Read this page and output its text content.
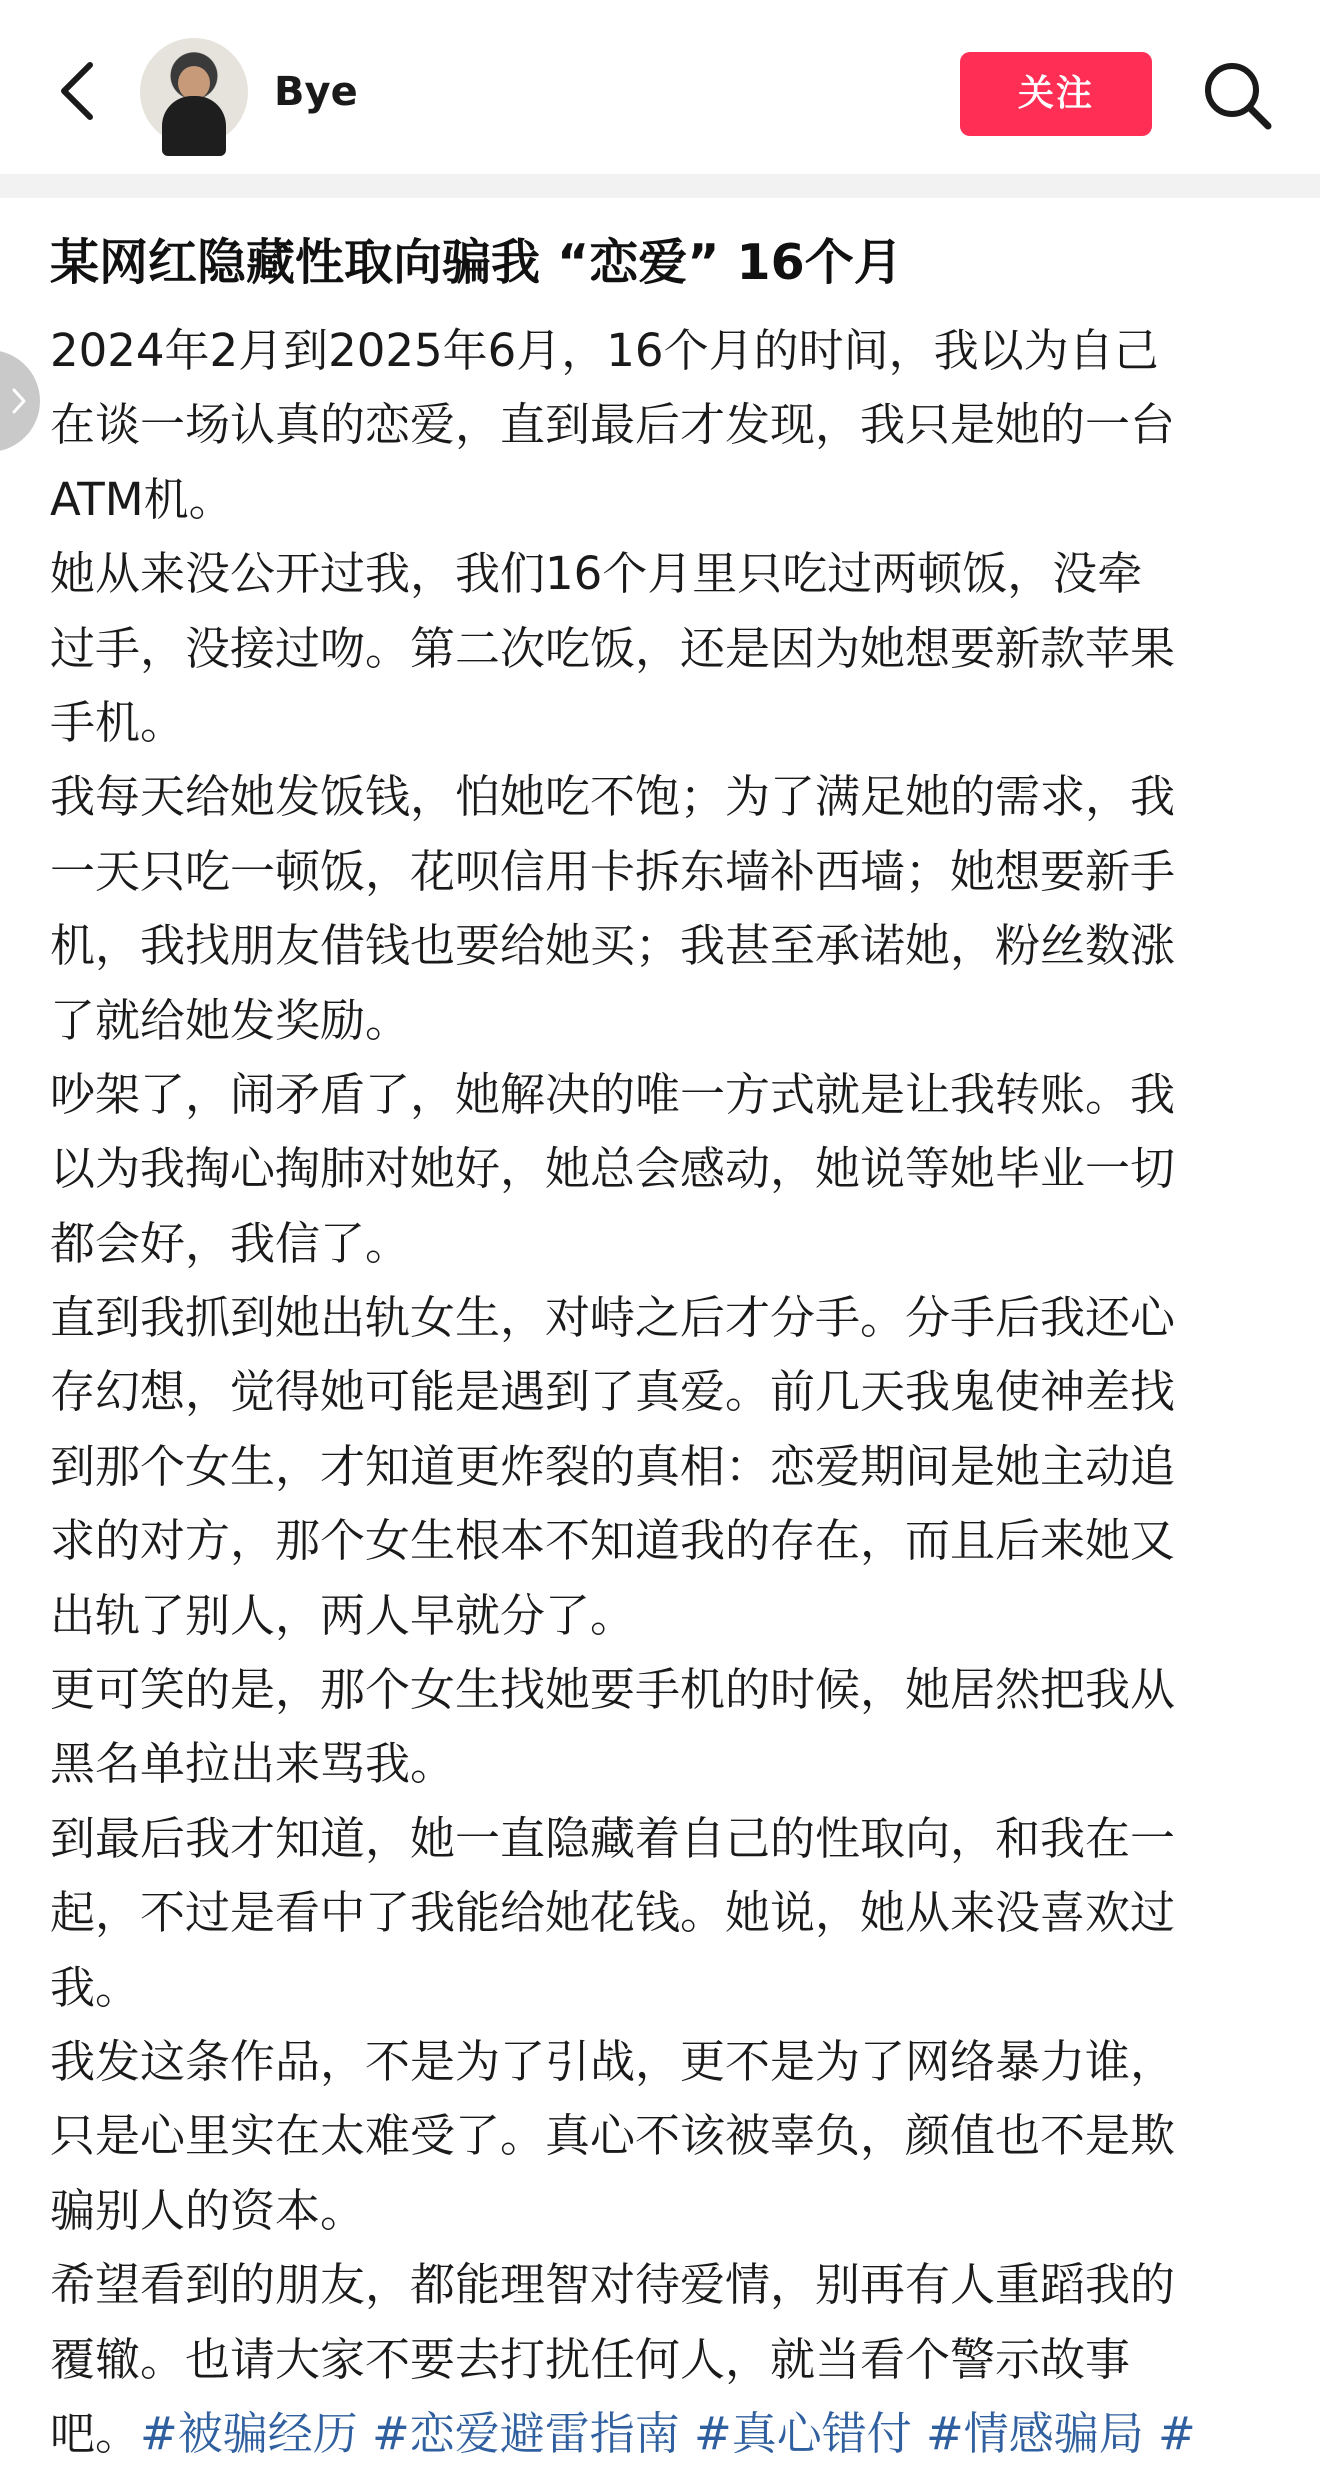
Bye	关注
某网红隐藏性取向骗我 “恋爱” 16个月
2024年2月到2025年6月，16个月的时间，我以为自己
在谈一场认真的恋爱，直到最后才发现，我只是她的一台
ATM机。
她从来没公开过我，我们16个月里只吃过两顿饭，没牵
过手，没接过吻。第二次吃饭，还是因为她想要新款苹果
手机。
我每天给她发饭钱，怕她吃不饱；为了满足她的需求，我
一天只吃一顿饭，花呗信用卡拆东墙补西墙；她想要新手
机，我找朋友借钱也要给她买；我甚至承诺她，粉丝数涨
了就给她发奖励。
吵架了，闹矛盾了，她解决的唯一方式就是让我转账。我
以为我掏心掏肺对她好，她总会感动，她说等她毕业一切
都会好，我信了。
直到我抓到她出轨女生，对峙之后才分手。分手后我还心
存幻想，觉得她可能是遇到了真爱。前几天我鬼使神差找
到那个女生，才知道更炸裂的真相：恋爱期间是她主动追
求的对方，那个女生根本不知道我的存在，而且后来她又
出轨了别人，两人早就分了。
更可笑的是，那个女生找她要手机的时候，她居然把我从
黑名单拉出来骂我。
到最后我才知道，她一直隐藏着自己的性取向，和我在一
起，不过是看中了我能给她花钱。她说，她从来没喜欢过
我。
我发这条作品，不是为了引战，更不是为了网络暴力谁，
只是心里实在太难受了。真心不该被辜负，颜值也不是欺
骗别人的资本。
希望看到的朋友，都能理智对待爱情，别再有人重蹈我的
覆辙。也请大家不要去打扰任何人，就当看个警示故事
吧。#被骗经历 #恋爱避雷指南 #真心错付 #情感骗局 #
